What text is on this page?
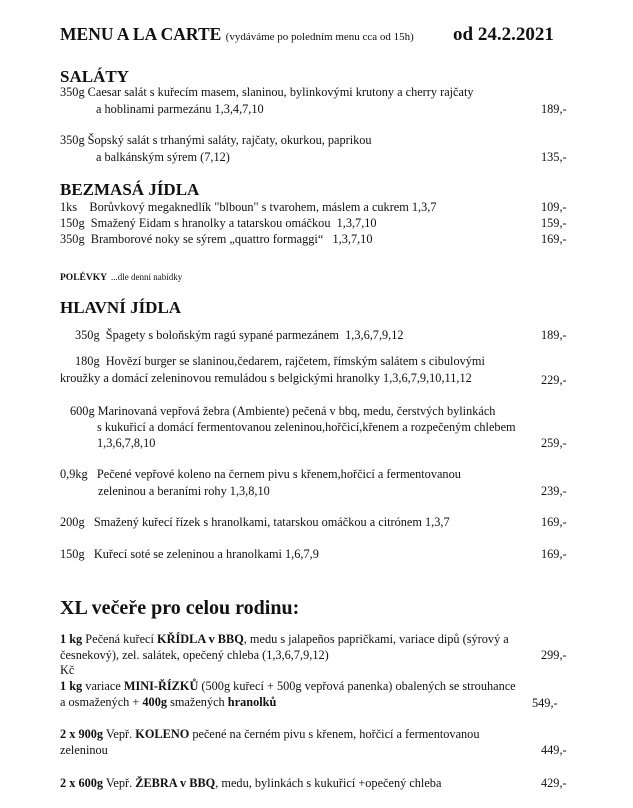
MENU A LA CARTE (vydáváme po poledním menu cca od 15h) od 24.2.2021
SALÁTY
350g Caesar salát s kuřecím masem, slaninou, bylinkovými krutony a cherry rajčaty
a hoblinami parmezánu 1,3,4,7,10	189,-
350g Šopský salát s trhanými saláty, rajčaty, okurkou, paprikou
a balkánským sýrem (7,12)	135,-
BEZMASÁ JÍDLA
1ks    Borůvkový megaknedlík "blboun" s tvarohem, máslem a cukrem 1,3,7	109,-
150g  Smažený Eidam s hranolky a tatarskou omáčkou  1,3,7,10	159,-
350g  Bramborové noky se sýrem „quattro formaggi“   1,3,7,10	169,-
POLÉVKY ...dle denní nabídky
HLAVNÍ JÍDLA
350g  Špagety s boloňským ragú sypané parmezánem  1,3,6,7,9,12	189,-
180g  Hovězí burger se slaninou,čedarem, rajčetem, římským salátem s cibulovými
kroužky a domácí zeleninovou remuládou s belgickými hranolky 1,3,6,7,9,10,11,12	229,-
600g Marinovaná vepřová žebra (Ambiente) pečená v bbq, medu, čerstvých bylinkách
s kukuřicí a domácí fermentovanou zeleninou,hořčicí,křenem a rozpečeným chlebem
1,3,6,7,8,10	259,-
0,9kg   Pečené vepřové koleno na černem pivu s křenem,hořčicí a fermentovanou
zeleninou a beraními rohy 1,3,8,10	239,-
200g   Smažený kuřecí řízek s hranolkami, tatarskou omáčkou a citrónem 1,3,7	169,-
150g   Kuřecí soté se zeleninou a hranolkami 1,6,7,9	169,-
XL večeře pro celou rodinu:
1 kg Pečená kuřecí KŘÍDLA v BBQ, medu s jalapeños papričkami, variace dipů (sýrový a
česnekový), zel. salátek, opečený chleba (1,3,6,7,9,12)	299,-
Kč
1 kg variace MINI-ŘÍZKŮ (500g kuřecí + 500g vepřová panenka) obalených se strouhance
a osmažených + 400g smažených hranolků	549,-
2 x 900g Vepř. KOLENO pečené na černém pivu s křenem, hořčicí a fermentovanou
zeleninou	449,-
2 x 600g Vepř. ŽEBRA v BBQ, medu, bylinkách s kukuřicí +opečený chleba	429,-
